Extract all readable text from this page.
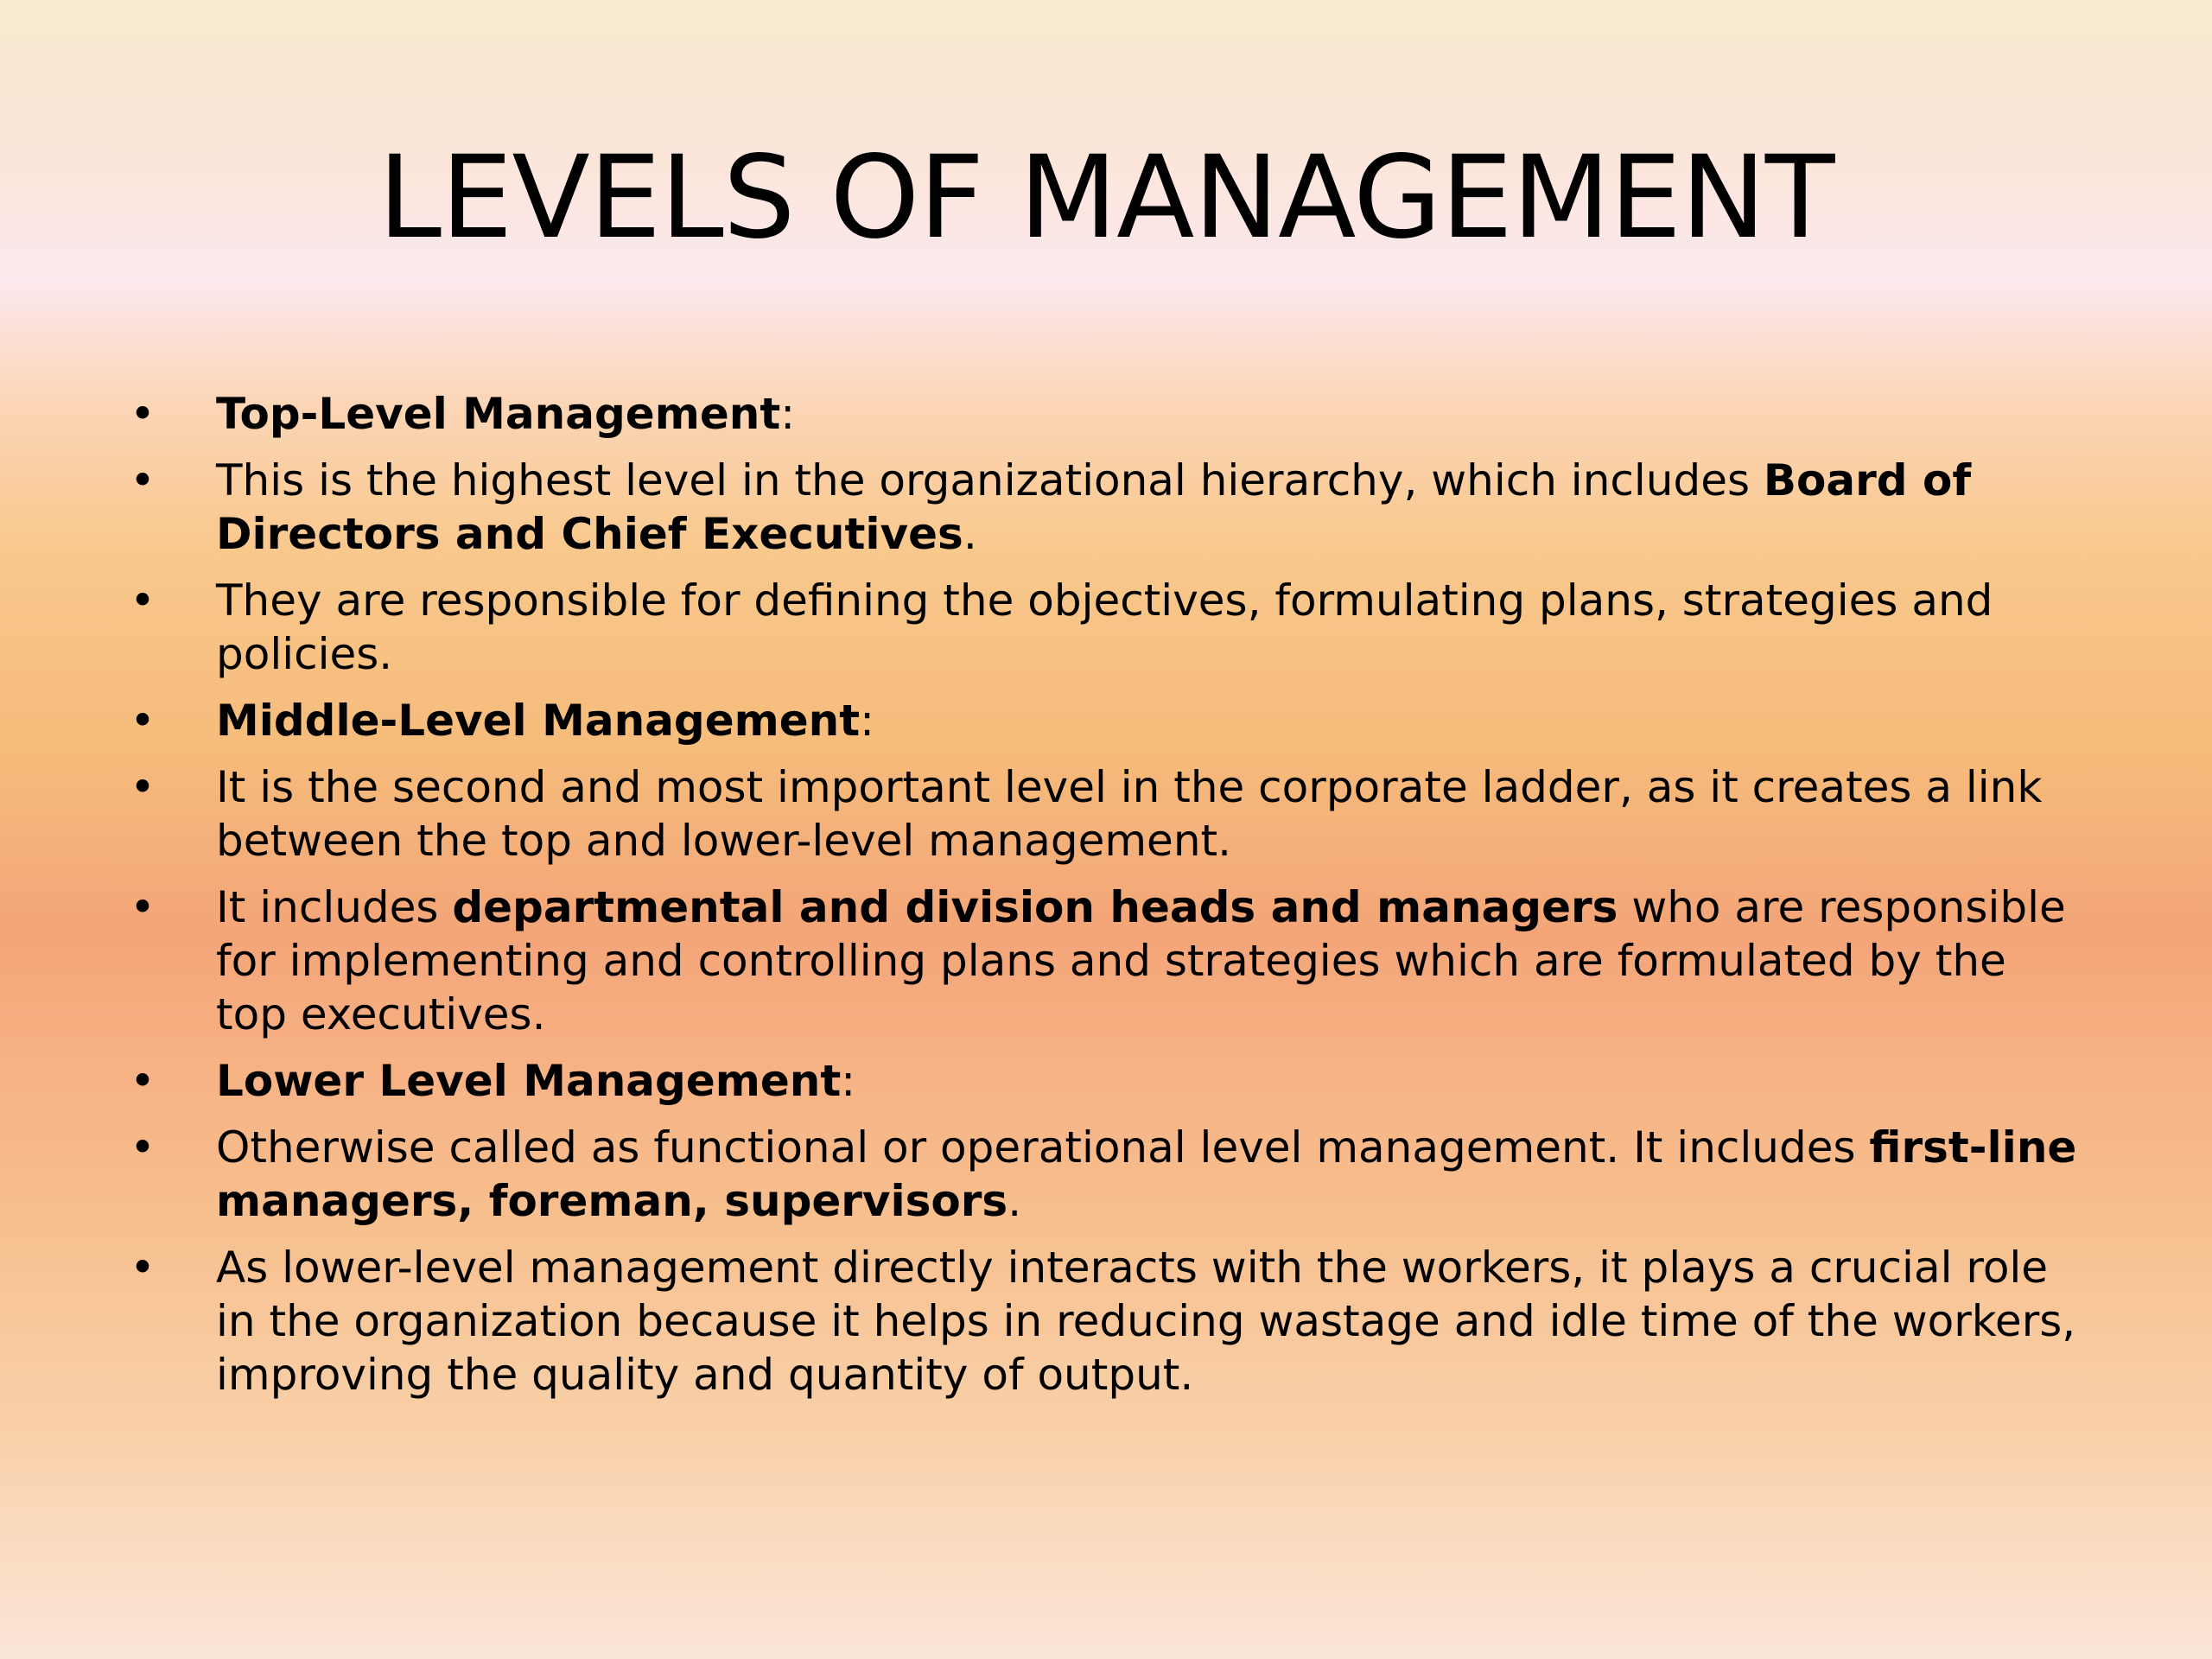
LEVELS OF MANAGEMENT
• Top-Level Management:
• This is the highest level in the organizational hierarchy, which includes Board of Directors and Chief Executives.
• They are responsible for defining the objectives, formulating plans, strategies and policies.
• Middle-Level Management:
• It is the second and most important level in the corporate ladder, as it creates a link between the top and lower-level management.
• It includes departmental and division heads and managers who are responsible for implementing and controlling plans and strategies which are formulated by the top executives.
• Lower Level Management:
• Otherwise called as functional or operational level management. It includes first-line managers, foreman, supervisors.
• As lower-level management directly interacts with the workers, it plays a crucial role in the organization because it helps in reducing wastage and idle time of the workers, improving the quality and quantity of output.
